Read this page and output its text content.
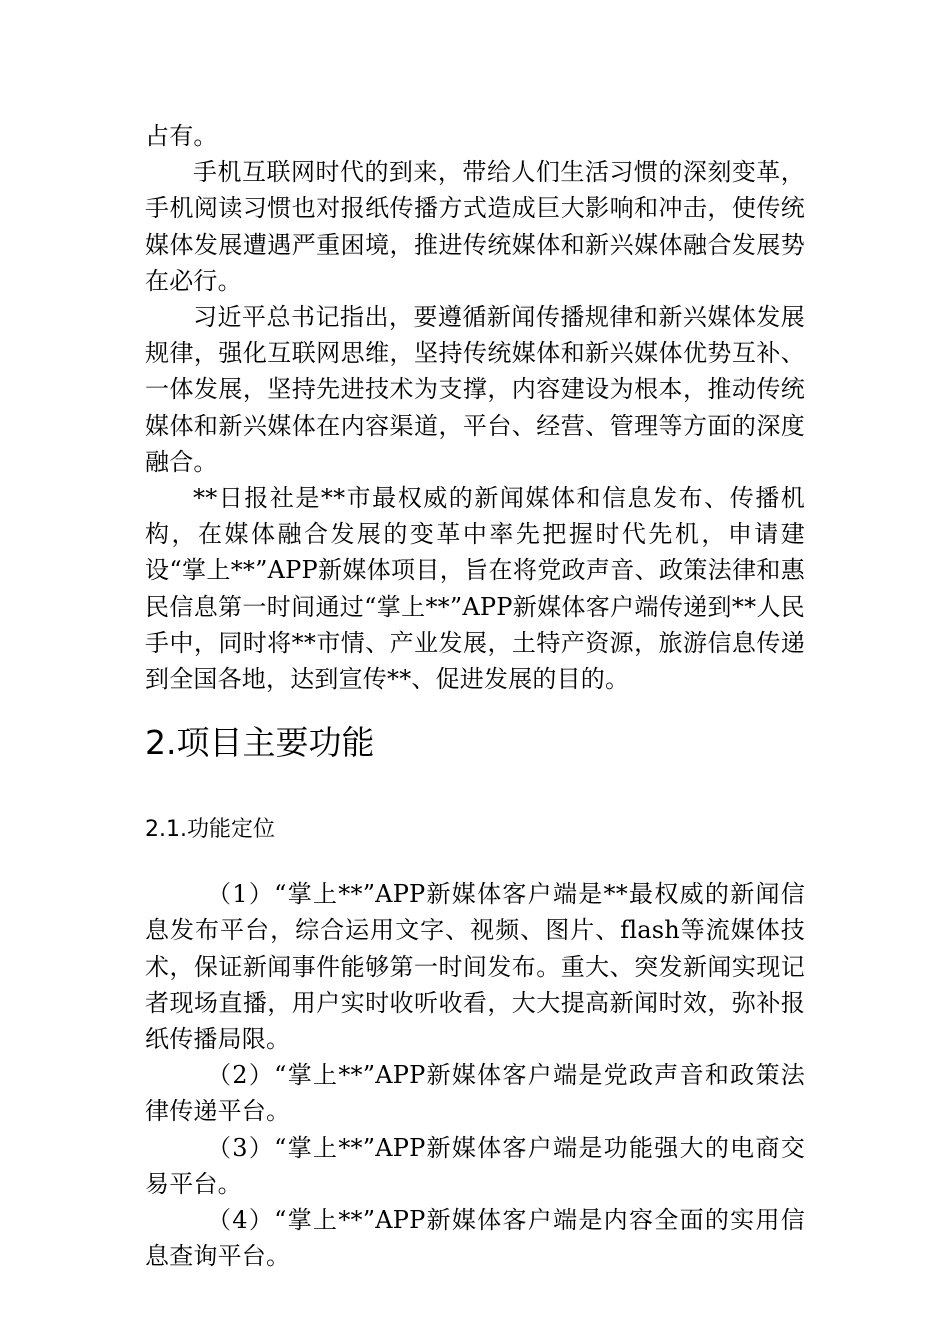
占有。

手机互联网时代的到来，带给人们生活习惯的深刻变革，手机阅读习惯也对报纸传播方式造成巨大影响和冲击，使传统媒体发展遭遇严重困境，推进传统媒体和新兴媒体融合发展势在必行。

习近平总书记指出，要遵循新闻传播规律和新兴媒体发展规律，强化互联网思维，坚持传统媒体和新兴媒体优势互补、一体发展，坚持先进技术为支撑，内容建设为根本，推动传统媒体和新兴媒体在内容渠道，平台、经营、管理等方面的深度融合。

**日报社是**市最权威的新闻媒体和信息发布、传播机构，在媒体融合发展的变革中率先把握时代先机，申请建设“掌上**”APP新媒体项目，旨在将党政声音、政策法律和惠民信息第一时间通过“掌上**”APP新媒体客户端传递到**人民手中，同时将**市情、产业发展，土特产资源，旅游信息传递到全国各地，达到宣传**、促进发展的目的。

2.项目主要功能
2.1.功能定位

（1）“掌上**”APP新媒体客户端是**最权威的新闻信息发布平台，综合运用文字、视频、图片、flash等流媒体技术，保证新闻事件能够第一时间发布。重大、突发新闻实现记者现场直播，用户实时收听收看，大大提高新闻时效，弥补报纸传播局限。

（2）“掌上**”APP新媒体客户端是党政声音和政策法律传递平台。

（3）“掌上**”APP新媒体客户端是功能强大的电商交易平台。

（4）“掌上**”APP新媒体客户端是内容全面的实用信息查询平台。
